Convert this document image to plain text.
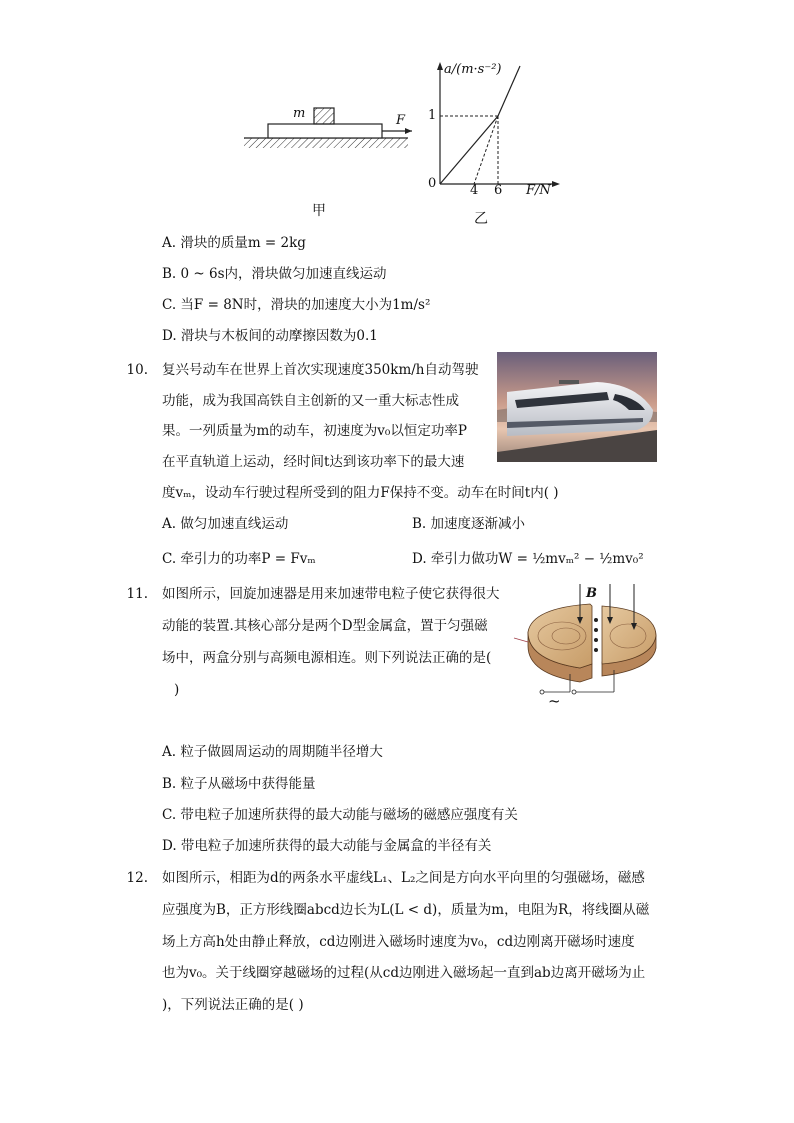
m	F
甲
a/(m·s⁻²)
1
0	4 6 F/N
乙
A. 滑块的质量m = 2kg
B. 0 ~ 6s内，滑块做匀加速直线运动
C. 当F = 8N时，滑块的加速度大小为1m/s²
D. 滑块与木板间的动摩擦因数为0.1
10. 复兴号动车在世界上首次实现速度350km/h自动驾驶
功能，成为我国高铁自主创新的又一重大标志性成
果。一列质量为m的动车，初速度为v₀以恒定功率P
在平直轨道上运动，经时间t达到该功率下的最大速
度vₘ，设动车行驶过程所受到的阻力F保持不变。动车在时间t内( )
A. 做匀加速直线运动	B. 加速度逐渐减小
C. 牵引力的功率P = Fvₘ	D. 牵引力做功W = ½mvₘ² − ½mv₀²
11. 如图所示，回旋加速器是用来加速带电粒子使它获得很大
动能的装置.其核心部分是两个D型金属盒，置于匀强磁
场中，两盒分别与高频电源相连。则下列说法正确的是(
)
B
~
A. 粒子做圆周运动的周期随半径增大
B. 粒子从磁场中获得能量
C. 带电粒子加速所获得的最大动能与磁场的磁感应强度有关
D. 带电粒子加速所获得的最大动能与金属盒的半径有关
12. 如图所示，相距为d的两条水平虚线L₁、L₂之间是方向水平向里的匀强磁场，磁感
应强度为B，正方形线圈abcd边长为L(L < d)，质量为m，电阻为R，将线圈从磁
场上方高h处由静止释放，cd边刚进入磁场时速度为v₀，cd边刚离开磁场时速度
也为v₀。关于线圈穿越磁场的过程(从cd边刚进入磁场起一直到ab边离开磁场为止
)，下列说法正确的是( )
